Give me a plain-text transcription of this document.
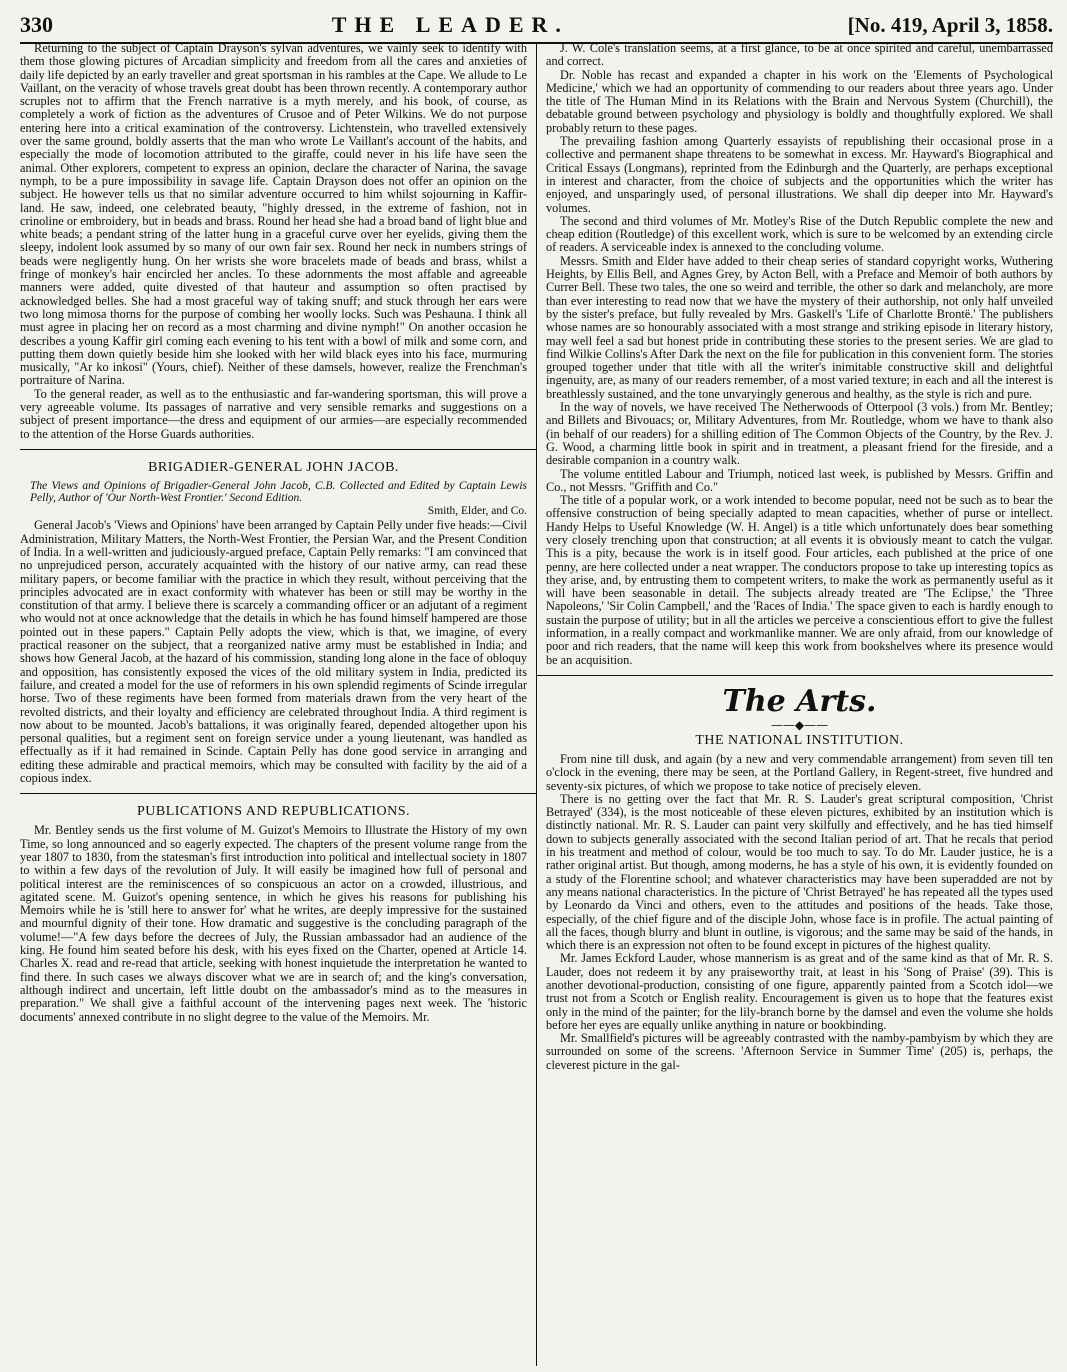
330	THE LEADER.	[No. 419, April 3, 1858.

Returning to the subject of Captain Drayson's sylvan adventures, we vainly seek to identify with them those glowing pictures of Arcadian simplicity and freedom from all the cares and anxieties of daily life depicted by an early traveller and great sportsman in his rambles at the Cape. We allude to Le Vaillant, on the veracity of whose travels great doubt has been thrown recently. A contemporary author scruples not to affirm that the French narrative is a myth merely, and his book, of course, as completely a work of fiction as the adventures of Crusoe and of Peter Wilkins. We do not purpose entering here into a critical examination of the controversy. Lichtenstein, who travelled extensively over the same ground, boldly asserts that the man who wrote Le Vaillant's account of the habits, and especially the mode of locomotion attributed to the giraffe, could never in his life have seen the animal. Other explorers, competent to express an opinion, declare the character of Narina, the savage nymph, to be a pure impossibility in savage life. Captain Drayson does not offer an opinion on the subject. He however tells us that no similar adventure occurred to him whilst sojourning in Kaffir-land. He saw, indeed, one celebrated beauty, "highly dressed, in the extreme of fashion, not in crinoline or embroidery, but in beads and brass. Round her head she had a broad band of light blue and white beads; a pendant string of the latter hung in a graceful curve over her eyelids, giving them the sleepy, indolent look assumed by so many of our own fair sex. Round her neck in numbers strings of beads were negligently hung. On her wrists she wore bracelets made of beads and brass, whilst a fringe of monkey's hair encircled her ancles. To these adornments the most affable and agreeable manners were added, quite divested of that hauteur and assumption so often practised by acknowledged belles. She had a most graceful way of taking snuff; and stuck through her ears were two long mimosa thorns for the purpose of combing her woolly locks. Such was Peshauna. I think all must agree in placing her on record as a most charming and divine nymph!" On another occasion he describes a young Kaffir girl coming each evening to his tent with a bowl of milk and some corn, and putting them down quietly beside him she looked with her wild black eyes into his face, murmuring musically, "Ar ko inkosi" (Yours, chief). Neither of these damsels, however, realize the Frenchman's portraiture of Narina.

To the general reader, as well as to the enthusiastic and far-wandering sportsman, this will prove a very agreeable volume. Its passages of narrative and very sensible remarks and suggestions on a subject of present importance—the dress and equipment of our armies—are especially recommended to the attention of the Horse Guards authorities.

BRIGADIER-GENERAL JOHN JACOB.
The Views and Opinions of Brigadier-General John Jacob, C.B. Collected and Edited by Captain Lewis Pelly, Author of 'Our North-West Frontier.' Second Edition.
Smith, Elder, and Co.

General Jacob's 'Views and Opinions' have been arranged by Captain Pelly under five heads:—Civil Administration, Military Matters, the North-West Frontier, the Persian War, and the Present Condition of India. In a well-written and judiciously-argued preface, Captain Pelly remarks: "I am convinced that no unprejudiced person, accurately acquainted with the history of our native army, can read these military papers, or become familiar with the practice in which they result, without perceiving that the principles advocated are in exact conformity with whatever has been or still may be worthy in the constitution of that army. I believe there is scarcely a commanding officer or an adjutant of a regiment who would not at once acknowledge that the details in which he has found himself hampered are those pointed out in these papers." Captain Pelly adopts the view, which is that, we imagine, of every practical reasoner on the subject, that a reorganized native army must be established in India; and shows how General Jacob, at the hazard of his commission, standing long alone in the face of obloquy and opposition, has consistently exposed the vices of the old military system in India, predicted its failure, and created a model for the use of reformers in his own splendid regiments of Scinde irregular horse. Two of these regiments have been formed from materials drawn from the very heart of the revolted districts, and their loyalty and efficiency are celebrated throughout India. A third regiment is now about to be mounted. Jacob's battalions, it was originally feared, depended altogether upon his personal qualities, but a regiment sent on foreign service under a young lieutenant, was handled as effectually as if it had remained in Scinde. Captain Pelly has done good service in arranging and editing these admirable and practical memoirs, which may be consulted with facility by the aid of a copious index.

PUBLICATIONS AND REPUBLICATIONS.

Mr. Bentley sends us the first volume of M. Guizot's Memoirs to Illustrate the History of my own Time, so long announced and so eagerly expected. The chapters of the present volume range from the year 1807 to 1830, from the statesman's first introduction into political and intellectual society in 1807 to within a few days of the revolution of July. It will easily be imagined how full of personal and political interest are the reminiscences of so conspicuous an actor on a crowded, illustrious, and agitated scene. M. Guizot's opening sentence, in which he gives his reasons for publishing his Memoirs while he is 'still here to answer for' what he writes, are deeply impressive for the sustained and mournful dignity of their tone. How dramatic and suggestive is the concluding paragraph of the volume!—"A few days before the decrees of July, the Russian ambassador had an audience of the king. He found him seated before his desk, with his eyes fixed on the Charter, opened at Article 14. Charles X. read and re-read that article, seeking with honest inquietude the interpretation he wanted to find there. In such cases we always discover what we are in search of; and the king's conversation, although indirect and uncertain, left little doubt on the ambassador's mind as to the measures in preparation." We shall give a faithful account of the intervening pages next week. The 'historic documents' annexed contribute in no slight degree to the value of the Memoirs. Mr.

J. W. Cole's translation seems, at a first glance, to be at once spirited and careful, unembarrassed and correct.

Dr. Noble has recast and expanded a chapter in his work on the 'Elements of Psychological Medicine,' which we had an opportunity of commending to our readers about three years ago. Under the title of The Human Mind in its Relations with the Brain and Nervous System (Churchill), the debatable ground between psychology and physiology is boldly and thoughtfully explored. We shall probably return to these pages.

The prevailing fashion among Quarterly essayists of republishing their occasional prose in a collective and permanent shape threatens to be somewhat in excess. Mr. Hayward's Biographical and Critical Essays (Longmans), reprinted from the Edinburgh and the Quarterly, are perhaps exceptional in interest and character, from the choice of subjects and the opportunities which the writer has enjoyed, and unsparingly used, of personal illustrations. We shall dip deeper into Mr. Hayward's volumes.

The second and third volumes of Mr. Motley's Rise of the Dutch Republic complete the new and cheap edition (Routledge) of this excellent work, which is sure to be welcomed by an extending circle of readers. A serviceable index is annexed to the concluding volume.

Messrs. Smith and Elder have added to their cheap series of standard copyright works, Wuthering Heights, by Ellis Bell, and Agnes Grey, by Acton Bell, with a Preface and Memoir of both authors by Currer Bell. These two tales, the one so weird and terrible, the other so dark and melancholy, are more than ever interesting to read now that we have the mystery of their authorship, not only half unveiled by the sister's preface, but fully revealed by Mrs. Gaskell's 'Life of Charlotte Brontë.' The publishers whose names are so honourably associated with a most strange and striking episode in literary history, may well feel a sad but honest pride in contributing these stories to the present series. We are glad to find Wilkie Collins's After Dark the next on the file for publication in this convenient form. The stories grouped together under that title with all the writer's inimitable constructive skill and delightful ingenuity, are, as many of our readers remember, of a most varied texture; in each and all the interest is breathlessly sustained, and the tone unvaryingly generous and healthy, as the style is rich and pure.

In the way of novels, we have received The Netherwoods of Otterpool (3 vols.) from Mr. Bentley; and Billets and Bivouacs; or, Military Adventures, from Mr. Routledge, whom we have to thank also (in behalf of our readers) for a shilling edition of The Common Objects of the Country, by the Rev. J. G. Wood, a charming little book in spirit and in treatment, a pleasant friend for the fireside, and a desirable companion in a country walk.

The volume entitled Labour and Triumph, noticed last week, is published by Messrs. Griffin and Co., not Messrs. "Griffith and Co."

The title of a popular work, or a work intended to become popular, need not be such as to bear the offensive construction of being specially adapted to mean capacities, whether of purse or intellect. Handy Helps to Useful Knowledge (W. H. Angel) is a title which unfortunately does bear something very closely trenching upon that construction; at all events it is obviously meant to catch the vulgar. This is a pity, because the work is in itself good. Four articles, each published at the price of one penny, are here collected under a neat wrapper. The conductors propose to take up interesting topics as they arise, and, by entrusting them to competent writers, to make the work as permanently useful as it will have been seasonable in detail. The subjects already treated are 'The Eclipse,' the 'Three Napoleons,' 'Sir Colin Campbell,' and the 'Races of India.' The space given to each is hardly enough to sustain the purpose of utility; but in all the articles we perceive a conscientious effort to give the fullest information, in a really compact and workmanlike manner. We are only afraid, from our knowledge of poor and rich readers, that the name will keep this work from bookshelves where its presence would be an acquisition.

The Arts.
——◆——
THE NATIONAL INSTITUTION.

From nine till dusk, and again (by a new and very commendable arrangement) from seven till ten o'clock in the evening, there may be seen, at the Portland Gallery, in Regent-street, five hundred and seventy-six pictures, of which we propose to take notice of precisely eleven.

There is no getting over the fact that Mr. R. S. Lauder's great scriptural composition, 'Christ Betrayed' (334), is the most noticeable of these eleven pictures, exhibited by an institution which is distinctly national. Mr. R. S. Lauder can paint very skilfully and effectively, and he has tied himself down to subjects generally associated with the second Italian period of art. That he recals that period in his treatment and method of colour, would be too much to say. To do Mr. Lauder justice, he is a rather original artist. But though, among moderns, he has a style of his own, it is evidently founded on a study of the Florentine school; and whatever characteristics may have been superadded are not by any means national characteristics. In the picture of 'Christ Betrayed' he has repeated all the types used by Leonardo da Vinci and others, even to the attitudes and positions of the heads. Take those, especially, of the chief figure and of the disciple John, whose face is in profile. The actual painting of all the faces, though blurry and blunt in outline, is vigorous; and the same may be said of the hands, in which there is an expression not often to be found except in pictures of the highest quality.

Mr. James Eckford Lauder, whose mannerism is as great and of the same kind as that of Mr. R. S. Lauder, does not redeem it by any praiseworthy trait, at least in his 'Song of Praise' (39). This is another devotional-production, consisting of one figure, apparently painted from a Scotch idol—we trust not from a Scotch or English reality. Encouragement is given us to hope that the features exist only in the mind of the painter; for the lily-branch borne by the damsel and even the volume she holds before her eyes are equally unlike anything in nature or bookbinding.

Mr. Smallfield's pictures will be agreeably contrasted with the namby-pambyism by which they are surrounded on some of the screens. 'Afternoon Service in Summer Time' (205) is, perhaps, the cleverest picture in the gal-
